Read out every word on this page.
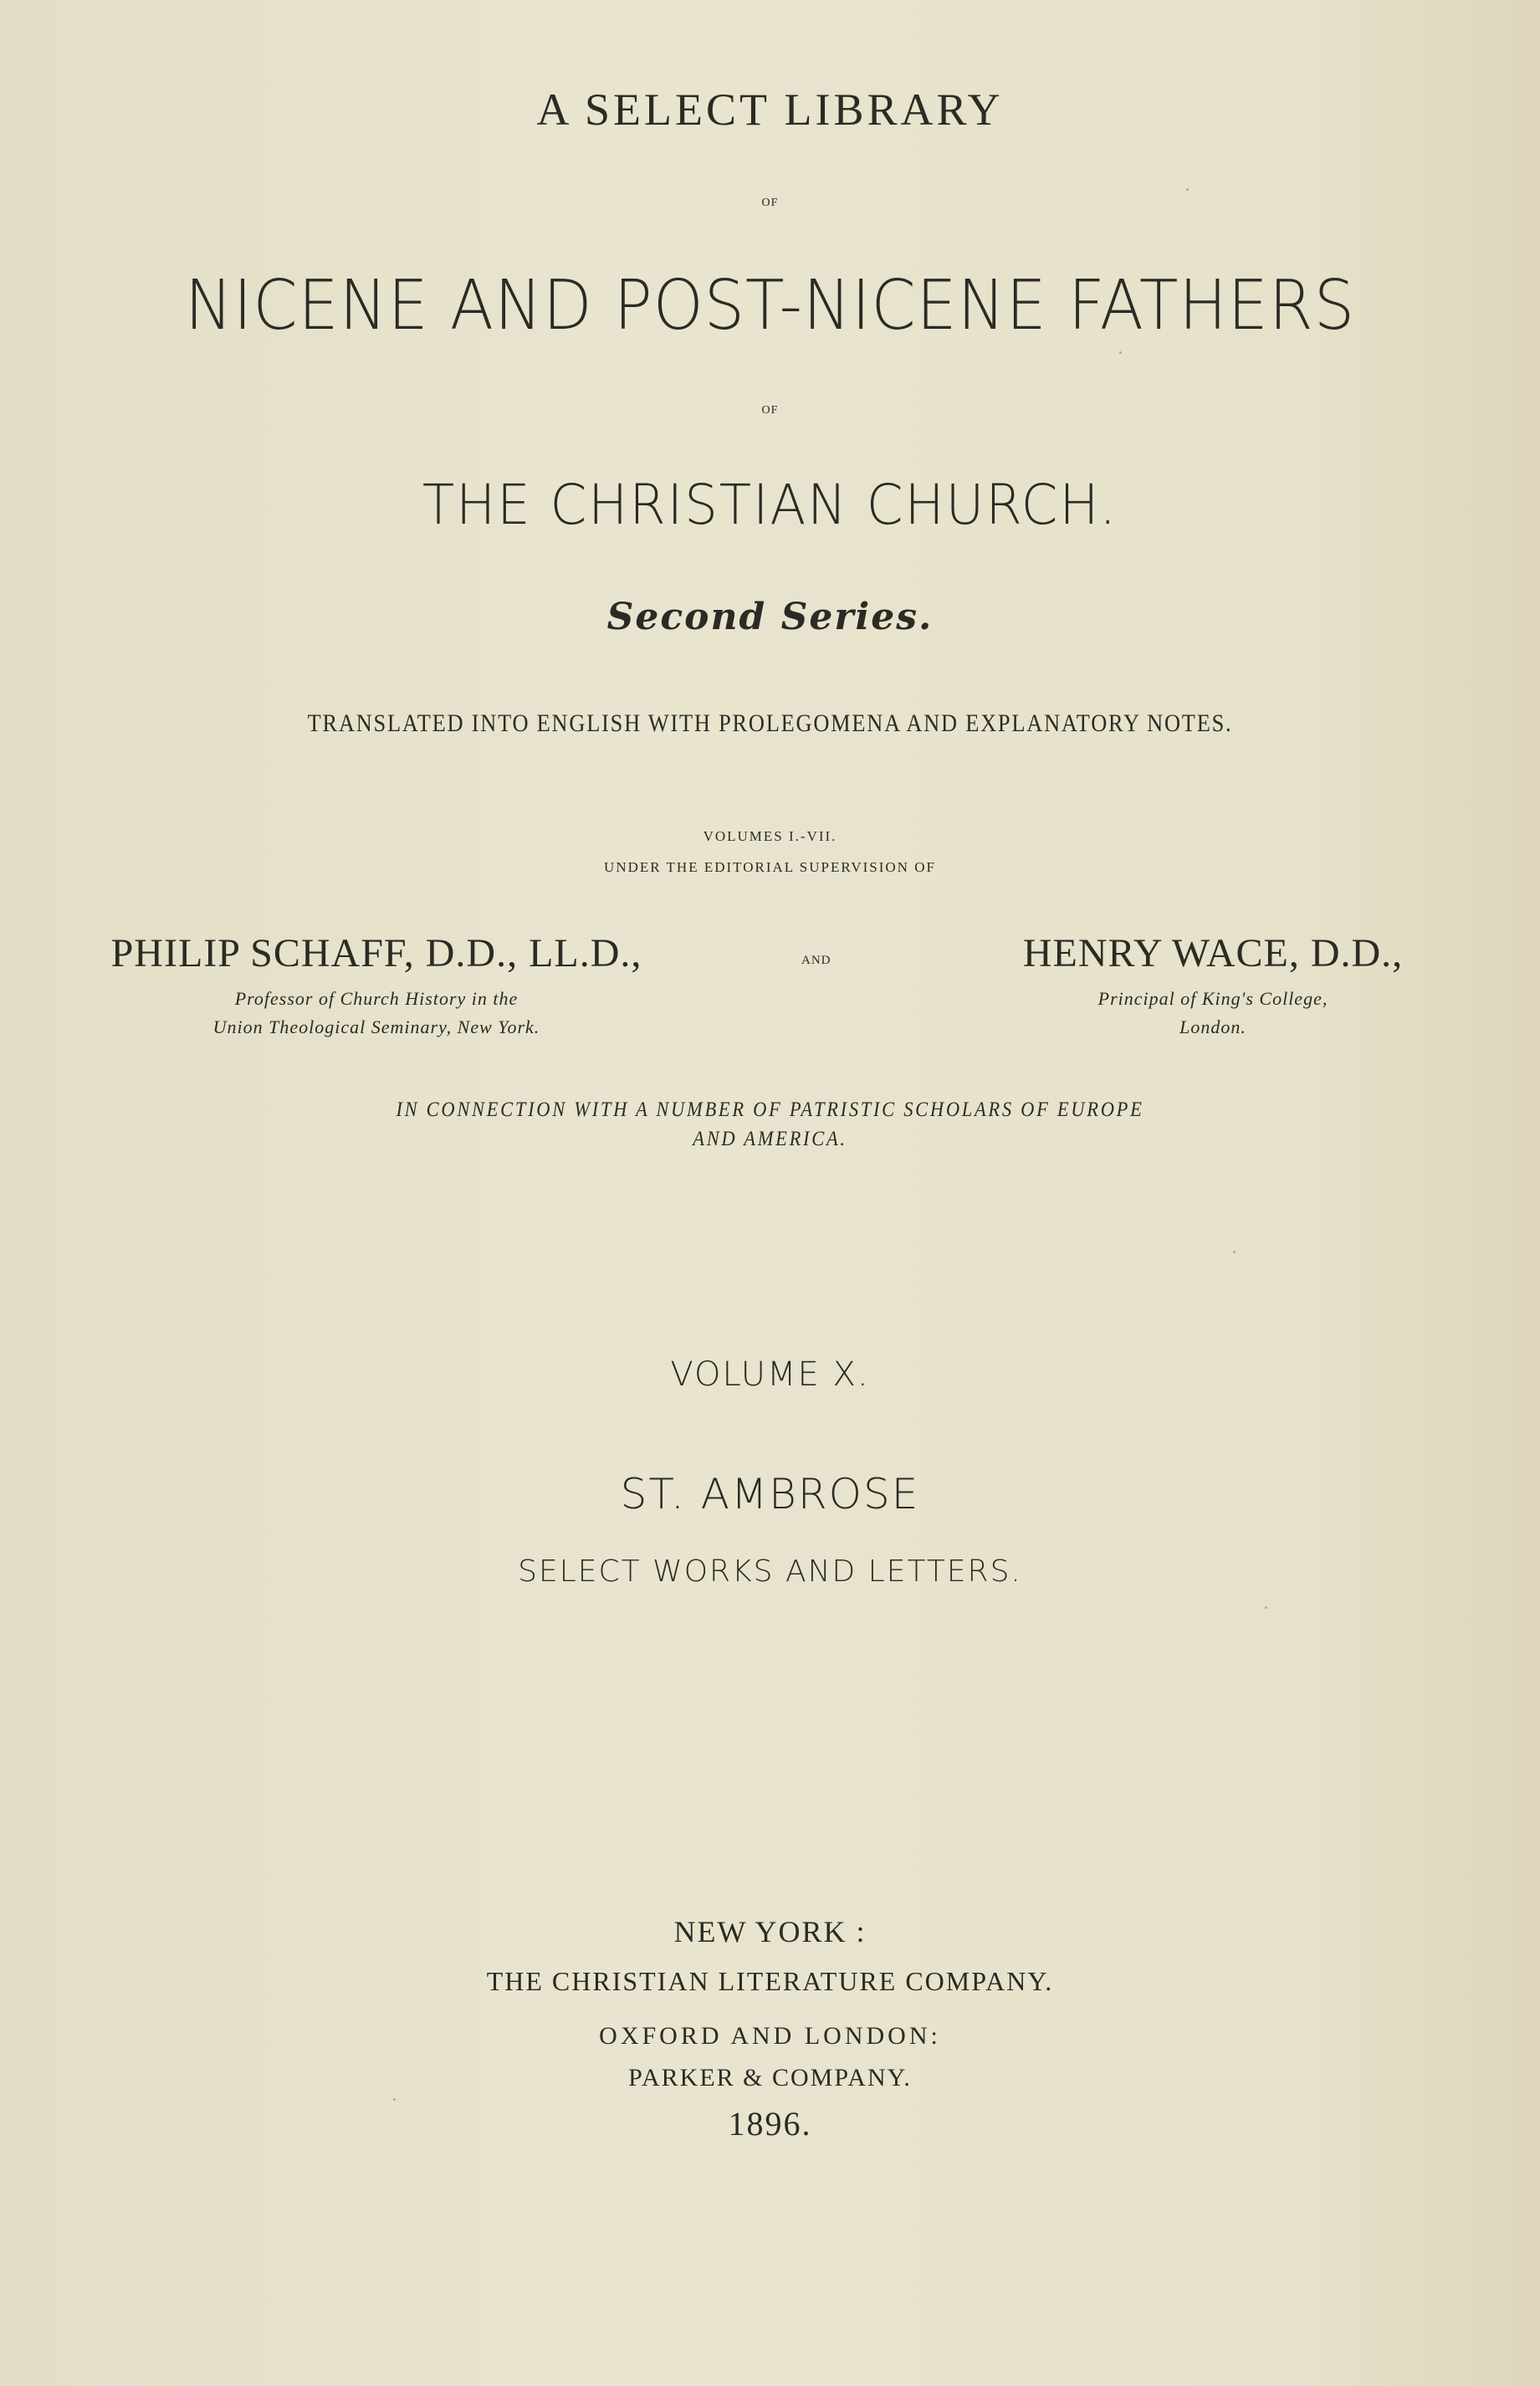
A SELECT LIBRARY
OF
NICENE AND POST-NICENE FATHERS
OF
THE CHRISTIAN CHURCH.
Second Series.
TRANSLATED INTO ENGLISH WITH PROLEGOMENA AND EXPLANATORY NOTES.
VOLUMES I.-VII.
UNDER THE EDITORIAL SUPERVISION OF
PHILIP SCHAFF, D.D., LL.D.,
Professor of Church History in the
Union Theological Seminary, New York.
AND	HENRY WACE, D.D.,
Principal of King's College,
London.
IN CONNECTION WITH A NUMBER OF PATRISTIC SCHOLARS OF EUROPE
AND AMERICA.
VOLUME X.
ST. AMBROSE
SELECT WORKS AND LETTERS.
NEW YORK :
THE CHRISTIAN LITERATURE COMPANY.
OXFORD AND LONDON:
PARKER & COMPANY.
1896.
